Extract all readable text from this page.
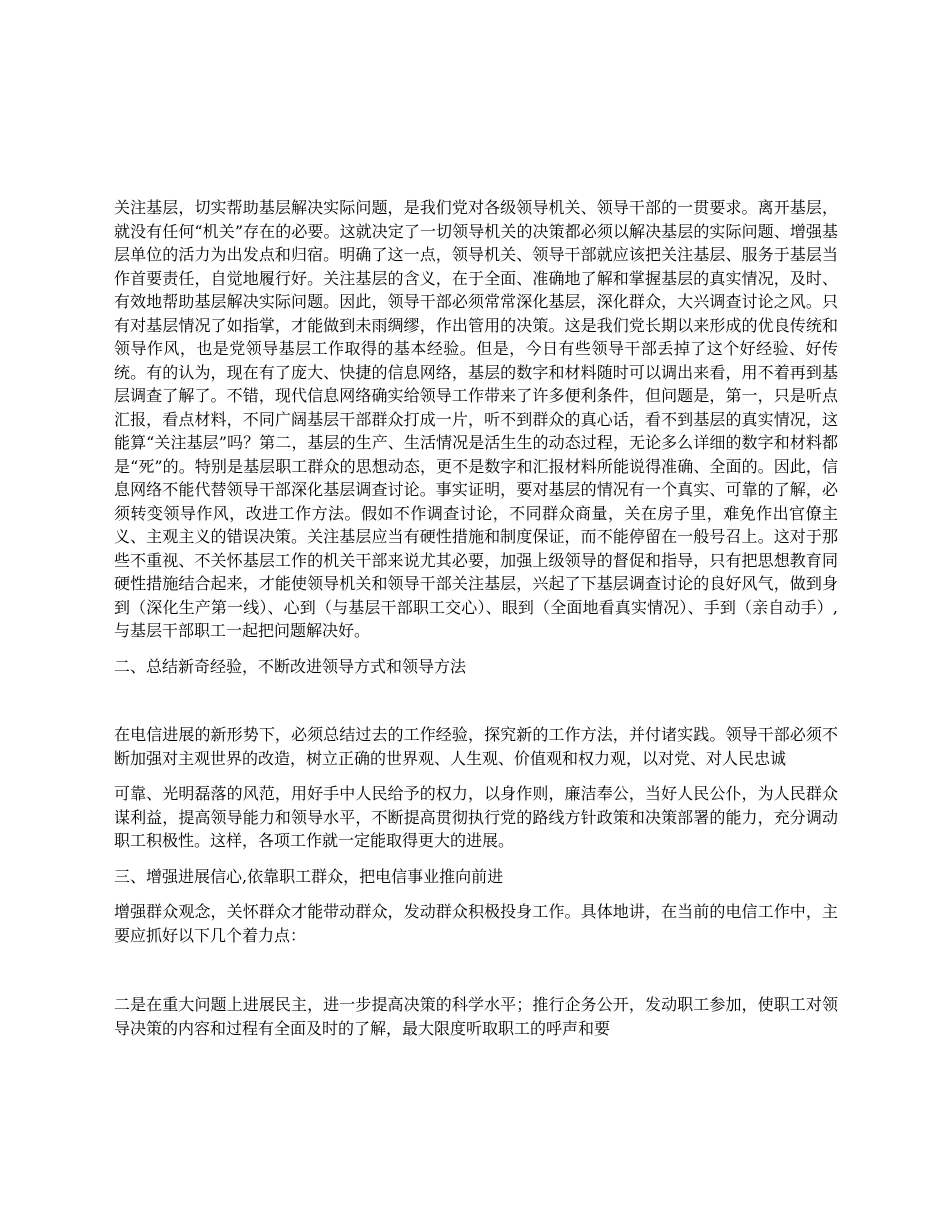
关注基层，切实帮助基层解决实际问题，是我们党对各级领导机关、领导干部的一贯要求。离开基层，就没有任何“机关”存在的必要。这就决定了一切领导机关的决策都必须以解决基层的实际问题、增强基层单位的活力为出发点和归宿。明确了这一点，领导机关、领导干部就应该把关注基层、服务于基层当作首要责任，自觉地履行好。关注基层的含义，在于全面、准确地了解和掌握基层的真实情况，及时、有效地帮助基层解决实际问题。因此，领导干部必须常常深化基层，深化群众，大兴调查讨论之风。只有对基层情况了如指掌，才能做到未雨绸缪，作出管用的决策。这是我们党长期以来形成的优良传统和领导作风，也是党领导基层工作取得的基本经验。但是，今日有些领导干部丢掉了这个好经验、好传统。有的认为，现在有了庞大、快捷的信息网络，基层的数字和材料随时可以调出来看，用不着再到基层调查了解了。不错，现代信息网络确实给领导工作带来了许多便利条件，但问题是，第一，只是听点汇报，看点材料，不同广阔基层干部群众打成一片，听不到群众的真心话，看不到基层的真实情况，这能算“关注基层”吗？第二，基层的生产、生活情况是活生生的动态过程，无论多么详细的数字和材料都是“死”的。特别是基层职工群众的思想动态，更不是数字和汇报材料所能说得准确、全面的。因此，信息网络不能代替领导干部深化基层调查讨论。事实证明，要对基层的情况有一个真实、可靠的了解，必须转变领导作风，改进工作方法。假如不作调查讨论，不同群众商量，关在房子里，难免作出官僚主义、主观主义的错误决策。关注基层应当有硬性措施和制度保证，而不能停留在一般号召上。这对于那些不重视、不关怀基层工作的机关干部来说尤其必要，加强上级领导的督促和指导，只有把思想教育同硬性措施结合起来，才能使领导机关和领导干部关注基层，兴起了下基层调查讨论的良好风气，做到身到（深化生产第一线）、心到（与基层干部职工交心）、眼到（全面地看真实情况）、手到（亲自动手）,与基层干部职工一起把问题解决好。

二、总结新奇经验，不断改进领导方式和领导方法

在电信进展的新形势下，必须总结过去的工作经验，探究新的工作方法，并付诸实践。领导干部必须不断加强对主观世界的改造，树立正确的世界观、人生观、价值观和权力观，以对党、对人民忠诚

可靠、光明磊落的风范，用好手中人民给予的权力，以身作则，廉洁奉公，当好人民公仆，为人民群众谋利益，提高领导能力和领导水平，不断提高贯彻执行党的路线方针政策和决策部署的能力，充分调动职工积极性。这样，各项工作就一定能取得更大的进展。

三、增强进展信心,依靠职工群众，把电信事业推向前进

增强群众观念，关怀群众才能带动群众，发动群众积极投身工作。具体地讲，在当前的电信工作中，主要应抓好以下几个着力点：

二是在重大问题上进展民主，进一步提高决策的科学水平；推行企务公开，发动职工参加，使职工对领导决策的内容和过程有全面及时的了解，最大限度听取职工的呼声和要
